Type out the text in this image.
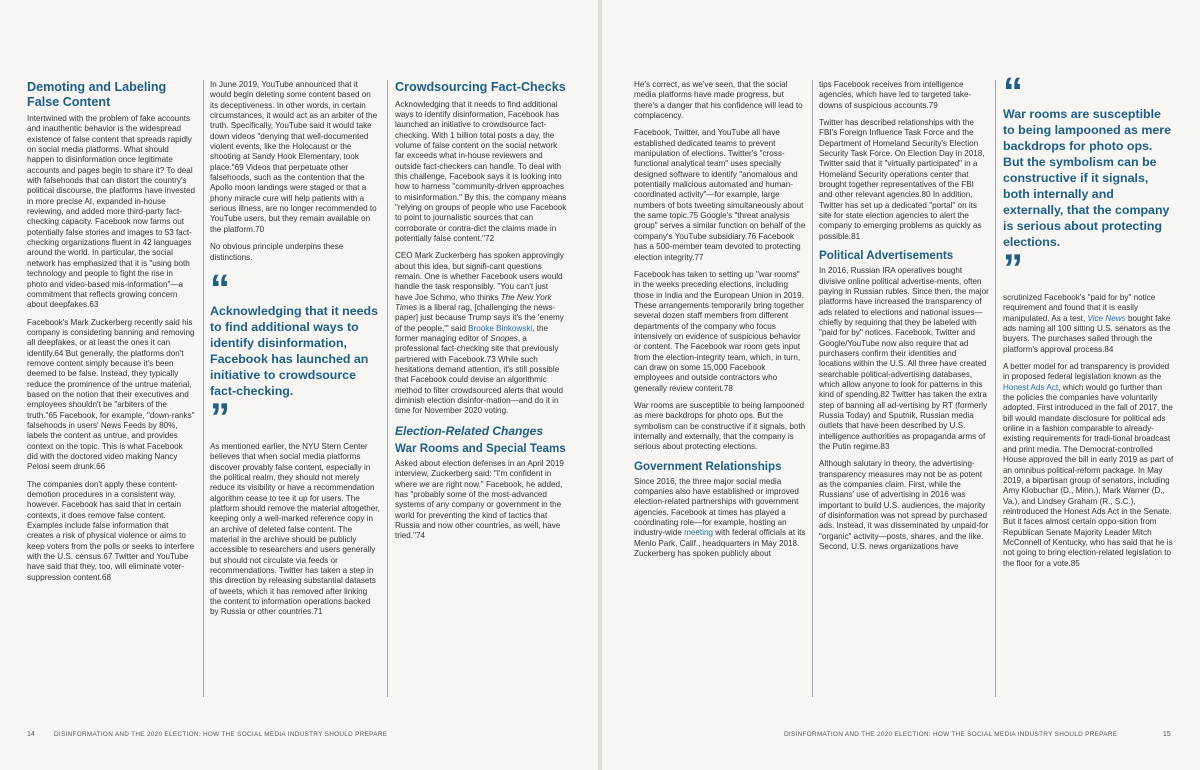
Demoting and Labeling False Content

Intertwined with the problem of fake accounts and inauthentic behavior is the widespread existence of false content that spreads rapidly on social media platforms. What should happen to disinformation once legitimate accounts and pages begin to share it? To deal with falsehoods that can distort the country's political discourse, the platforms have invested in more precise AI, expanded in-house reviewing, and added more third-party fact-checking capacity. Facebook now farms out potentially false stories and images to 53 fact-checking organizations fluent in 42 languages around the world. In particular, the social network has emphasized that it is "using both technology and people to fight the rise in photo and video-based mis-information"—a commitment that reflects growing concern about deepfakes.63

Facebook's Mark Zuckerberg recently said his company is considering banning and removing all deepfakes, or at least the ones it can identify.64 But generally, the platforms don't remove content simply because it's been deemed to be false. Instead, they typically reduce the prominence of the untrue material, based on the notion that their executives and employees shouldn't be "arbiters of the truth."65 Facebook, for example, "down-ranks" falsehoods in users' News Feeds by 80%, labels the content as untrue, and provides context on the topic. This is what Facebook did with the doctored video making Nancy Pelosi seem drunk.66

The companies don't apply these content-demotion procedures in a consistent way, however. Facebook has said that in certain contexts, it does remove false content. Examples include false information that creates a risk of physical violence or aims to keep voters from the polls or seeks to interfere with the U.S. census.67 Twitter and YouTube have said that they, too, will eliminate voter-suppression content.68

In June 2019, YouTube announced that it would begin deleting some content based on its deceptiveness. In other words, in certain circumstances, it would act as an arbiter of the truth. Specifically, YouTube said it would take down videos "denying that well-documented violent events, like the Holocaust or the shooting at Sandy Hook Elementary, took place."69 Videos that perpetuate other falsehoods, such as the contention that the Apollo moon landings were staged or that a phony miracle cure will help patients with a serious illness, are no longer recommended to YouTube users, but they remain available on the platform.70

No obvious principle underpins these distinctions.

“

Acknowledging that it needs to find additional ways to identify disinformation, Facebook has launched an initiative to crowdsource fact-checking.

”

As mentioned earlier, the NYU Stern Center believes that when social media platforms discover provably false content, especially in the political realm, they should not merely reduce its visibility or have a recommendation algorithm cease to tee it up for users. The platform should remove the material altogether, keeping only a well-marked reference copy in an archive of deleted false content. The material in the archive should be publicly accessible to researchers and users generally but should not circulate via feeds or recommendations. Twitter has taken a step in this direction by releasing substantial datasets of tweets, which it has removed after linking the content to information operations backed by Russia or other countries.71

Crowdsourcing Fact-Checks

Acknowledging that it needs to find additional ways to identify disinformation, Facebook has launched an initiative to crowdsource fact-checking. With 1 billion total posts a day, the volume of false content on the social network far exceeds what in-house reviewers and outside fact-checkers can handle. To deal with this challenge, Facebook says it is looking into how to harness "community-driven approaches to misinformation." By this, the company means "relying on groups of people who use Facebook to point to journalistic sources that can corroborate or contra-dict the claims made in potentially false content."72

CEO Mark Zuckerberg has spoken approvingly about this idea, but signifi-cant questions remain. One is whether Facebook users would handle the task responsibly. "You can't just have Joe Schmo, who thinks The New York Times is a liberal rag, [challenging the news-paper] just because Trump says it's the 'enemy of the people,'" said Brooke Binkowski, the former managing editor of Snopes, a professional fact-checking site that previously partnered with Facebook.73 While such hesitations demand attention, it's still possible that Facebook could devise an algorithmic method to filter crowdsourced alerts that would diminish election disinfor-mation—and do it in time for November 2020 voting.

Election-Related Changes
War Rooms and Special Teams

Asked about election defenses in an April 2019 interview, Zuckerberg said: "I'm confident in where we are right now." Facebook, he added, has "probably some of the most-advanced systems of any company or government in the world for preventing the kind of tactics that Russia and now other countries, as well, have tried."74

He's correct, as we've seen, that the social media platforms have made progress, but there's a danger that his confidence will lead to complacency.

Facebook, Twitter, and YouTube all have established dedicated teams to prevent manipulation of elections. Twitter's "cross-functional analytical team" uses specially designed software to identify "anomalous and potentially malicious automated and human-coordinated activity"—for example, large numbers of bots tweeting simultaneously about the same topic.75 Google's "threat analysis group" serves a similar function on behalf of the company's YouTube subsidiary.76 Facebook has a 500-member team devoted to protecting election integrity.77

Facebook has taken to setting up "war rooms" in the weeks preceding elections, including those in India and the European Union in 2019. These arrangements temporarily bring together several dozen staff members from different departments of the company who focus intensively on evidence of suspicious behavior or content. The Facebook war room gets input from the election-integrity team, which, in turn, can draw on some 15,000 Facebook employees and outside contractors who generally review content.78

War rooms are susceptible to being lampooned as mere backdrops for photo ops. But the symbolism can be constructive if it signals, both internally and externally, that the company is serious about protecting elections.

Government Relationships

Since 2016, the three major social media companies also have established or improved election-related partnerships with government agencies. Facebook at times has played a coordinating role—for example, hosting an industry-wide meeting with federal officials at its Menlo Park, Calif., headquarters in May 2018. Zuckerberg has spoken publicly about

tips Facebook receives from intelligence agencies, which have led to targeted take-downs of suspicious accounts.79

Twitter has described relationships with the FBI's Foreign Influence Task Force and the Department of Homeland Security's Election Security Task Force. On Election Day in 2018, Twitter said that it "virtually participated" in a Homeland Security operations center that brought together representatives of the FBI and other relevant agencies.80 In addition, Twitter has set up a dedicated "portal" on its site for state election agencies to alert the company to emerging problems as quickly as possible.81

Political Advertisements

In 2016, Russian IRA operatives bought divisive online political advertise-ments, often paying in Russian rubles. Since then, the major platforms have increased the transparency of ads related to elections and national issues—chiefly by requiring that they be labeled with "paid for by" notices. Facebook, Twitter and Google/YouTube now also require that ad purchasers confirm their identities and locations within the U.S. All three have created searchable political-advertising databases, which allow anyone to look for patterns in this kind of spending.82 Twitter has taken the extra step of banning all ad-vertising by RT (formerly Russia Today) and Sputnik, Russian media outlets that have been described by U.S. intelligence authorities as propaganda arms of the Putin regime.83

Although salutary in theory, the advertising-transparency measures may not be as potent as the companies claim. First, while the Russians' use of advertising in 2016 was important to build U.S. audiences, the majority of disinformation was not spread by purchased ads. Instead, it was disseminated by unpaid-for "organic" activity—posts, shares, and the like. Second, U.S. news organizations have

“

War rooms are susceptible to being lampooned as mere backdrops for photo ops. But the symbolism can be constructive if it signals, both internally and externally, that the company is serious about protecting elections.

”

scrutinized Facebook's "paid for by" notice requirement and found that it is easily manipulated. As a test, Vice News bought fake ads naming all 100 sitting U.S. senators as the buyers. The purchases sailed through the platform's approval process.84

A better model for ad transparency is provided in proposed federal legislation known as the Honest Ads Act, which would go further than the policies the companies have voluntarily adopted. First introduced in the fall of 2017, the bill would mandate disclosure for political ads online in a fashion comparable to already-existing requirements for tradi-tional broadcast and print media. The Democrat-controlled House approved the bill in early 2019 as part of an omnibus political-reform package. In May 2019, a bipartisan group of senators, including Amy Klobuchar (D., Minn.), Mark Warner (D., Va.), and Lindsey Graham (R., S.C.), reintroduced the Honest Ads Act in the Senate. But it faces almost certain oppo-sition from Republican Senate Majority Leader Mitch McConnell of Kentucky, who has said that he is not going to bring election-related legislation to the floor for a vote.85

14	DISINFORMATION AND THE 2020 ELECTION: HOW THE SOCIAL MEDIA INDUSTRY SHOULD PREPARE	DISINFORMATION AND THE 2020 ELECTION: HOW THE SOCIAL MEDIA INDUSTRY SHOULD PREPARE	15
